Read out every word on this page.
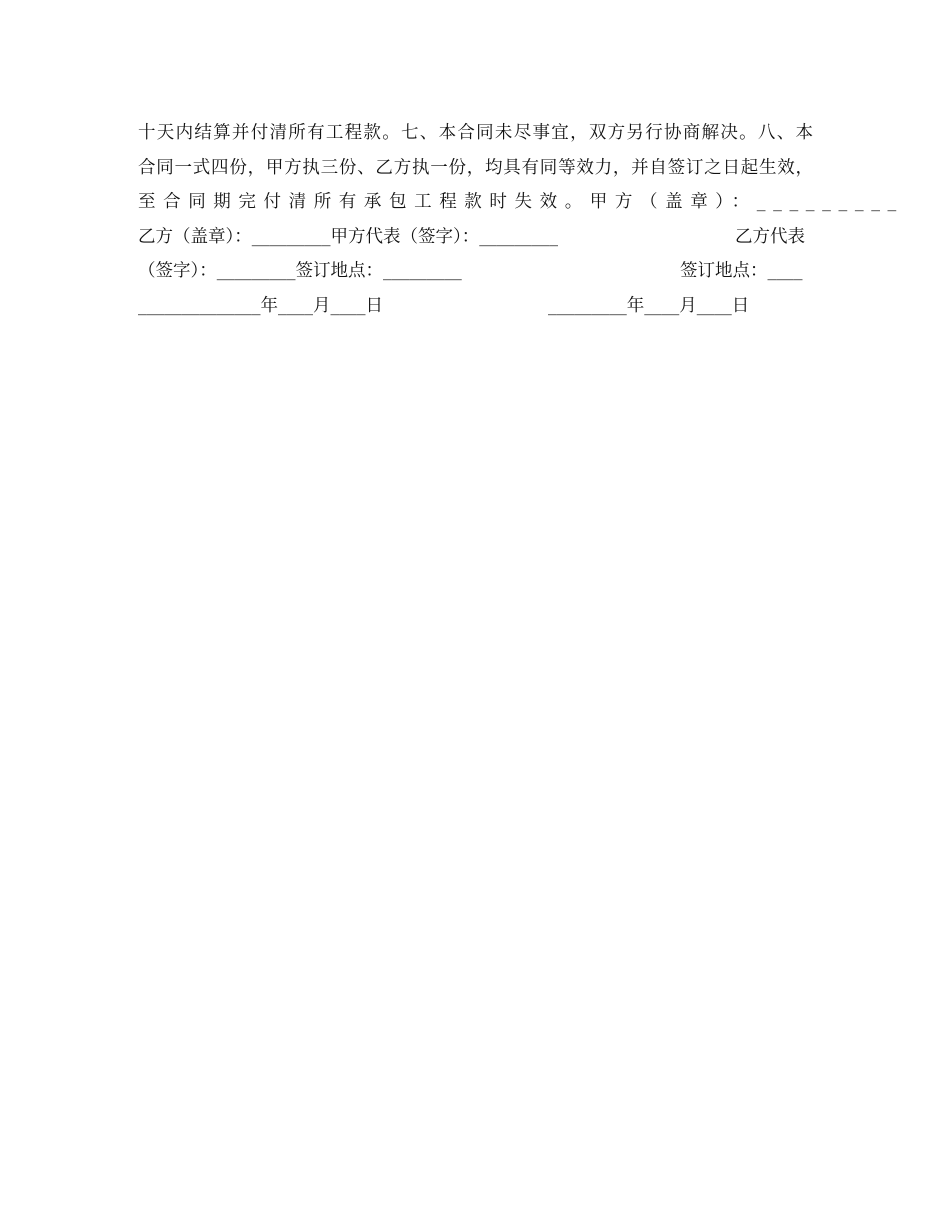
十天内结算并付清所有工程款。七、本合同未尽事宜，双方另行协商解决。八、本
合同一式四份，甲方执三份、乙方执一份，均具有同等效力，并自签订之日起生效，
至合同期完付清所有承包工程款时失效。甲方（盖章）：_________
乙方（盖章）：_________甲方代表（签字）：_________	乙方代表
（签字）：_________签订地点：_________	签订地点：____
______________年____月____日	_________年____月____日
